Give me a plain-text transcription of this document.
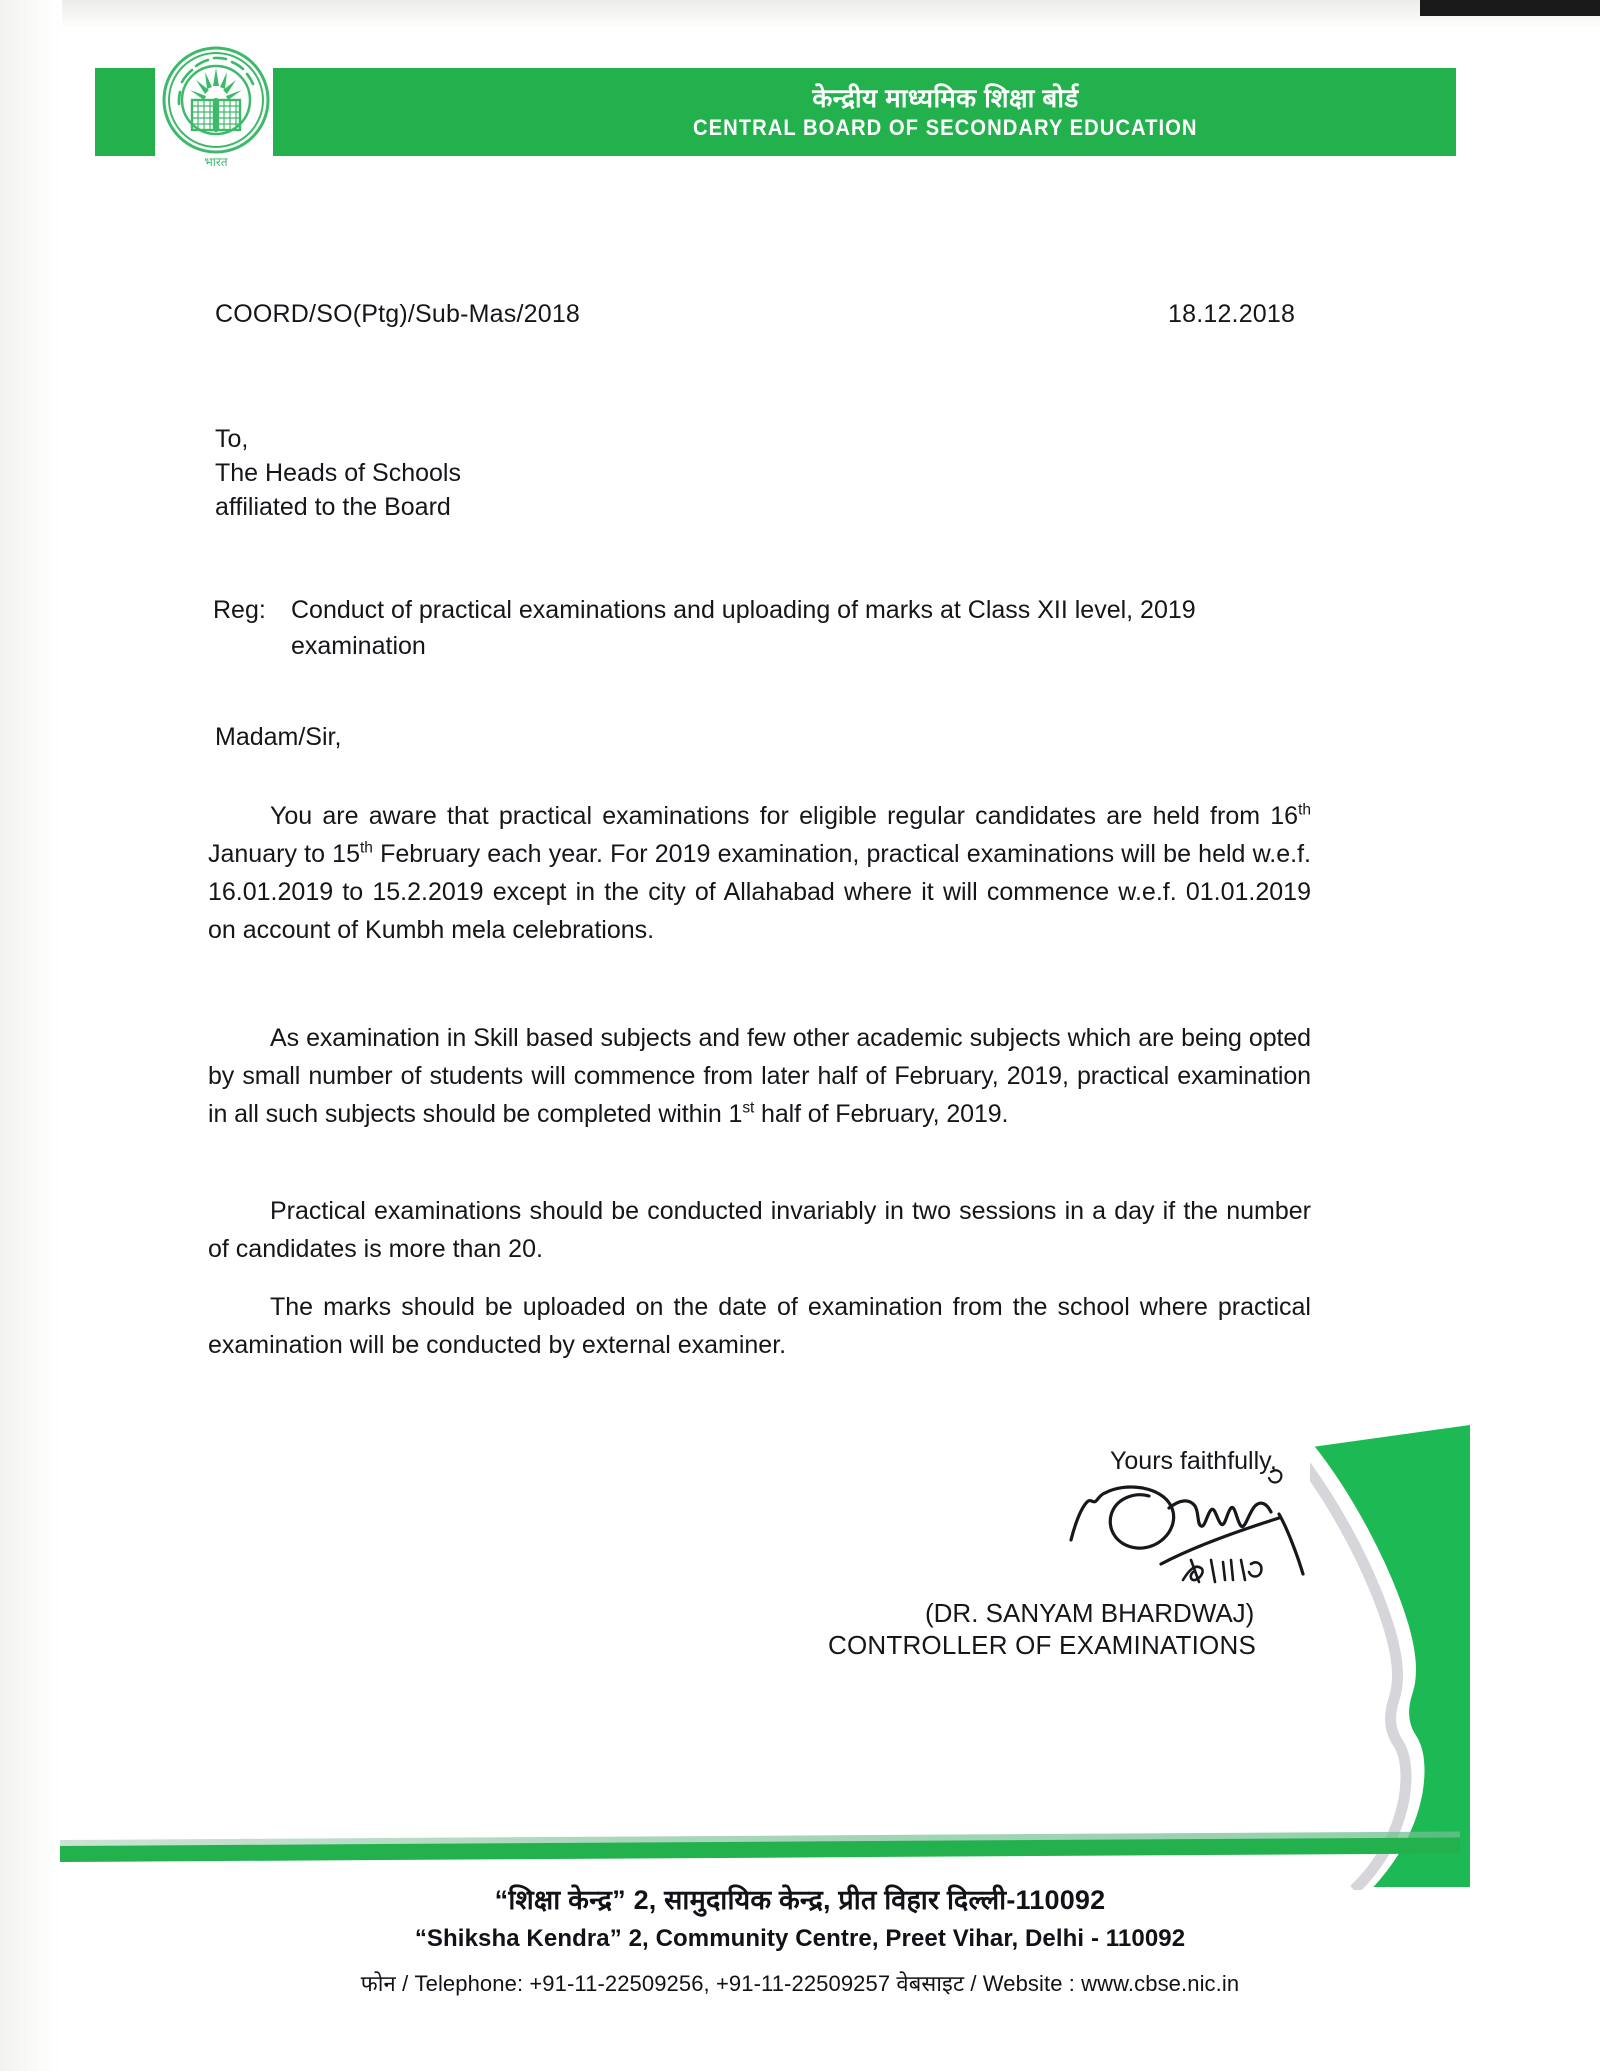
केन्द्रीय माध्यमिक शिक्षा बोर्ड
CENTRAL BOARD OF SECONDARY EDUCATION
भारत
COORD/SO(Ptg)/Sub-Mas/2018	18.12.2018
To,
The Heads of Schools
affiliated to the Board
Reg: Conduct of practical examinations and uploading of marks at Class XII level, 2019 examination
Madam/Sir,
You are aware that practical examinations for eligible regular candidates are held from 16th January to 15th February each year. For 2019 examination, practical examinations will be held w.e.f. 16.01.2019 to 15.2.2019 except in the city of Allahabad where it will commence w.e.f. 01.01.2019 on account of Kumbh mela celebrations.
As examination in Skill based subjects and few other academic subjects which are being opted by small number of students will commence from later half of February, 2019, practical examination in all such subjects should be completed within 1st half of February, 2019.
Practical examinations should be conducted invariably in two sessions in a day if the number of candidates is more than 20.
The marks should be uploaded on the date of examination from the school where practical examination will be conducted by external examiner.
Yours faithfully,
(DR. SANYAM BHARDWAJ)
CONTROLLER OF EXAMINATIONS
“शिक्षा केन्द्र” 2, सामुदायिक केन्द्र, प्रीत विहार दिल्ली-110092
“Shiksha Kendra” 2, Community Centre, Preet Vihar, Delhi - 110092
फोन / Telephone: +91-11-22509256, +91-11-22509257 वेबसाइट / Website : www.cbse.nic.in
